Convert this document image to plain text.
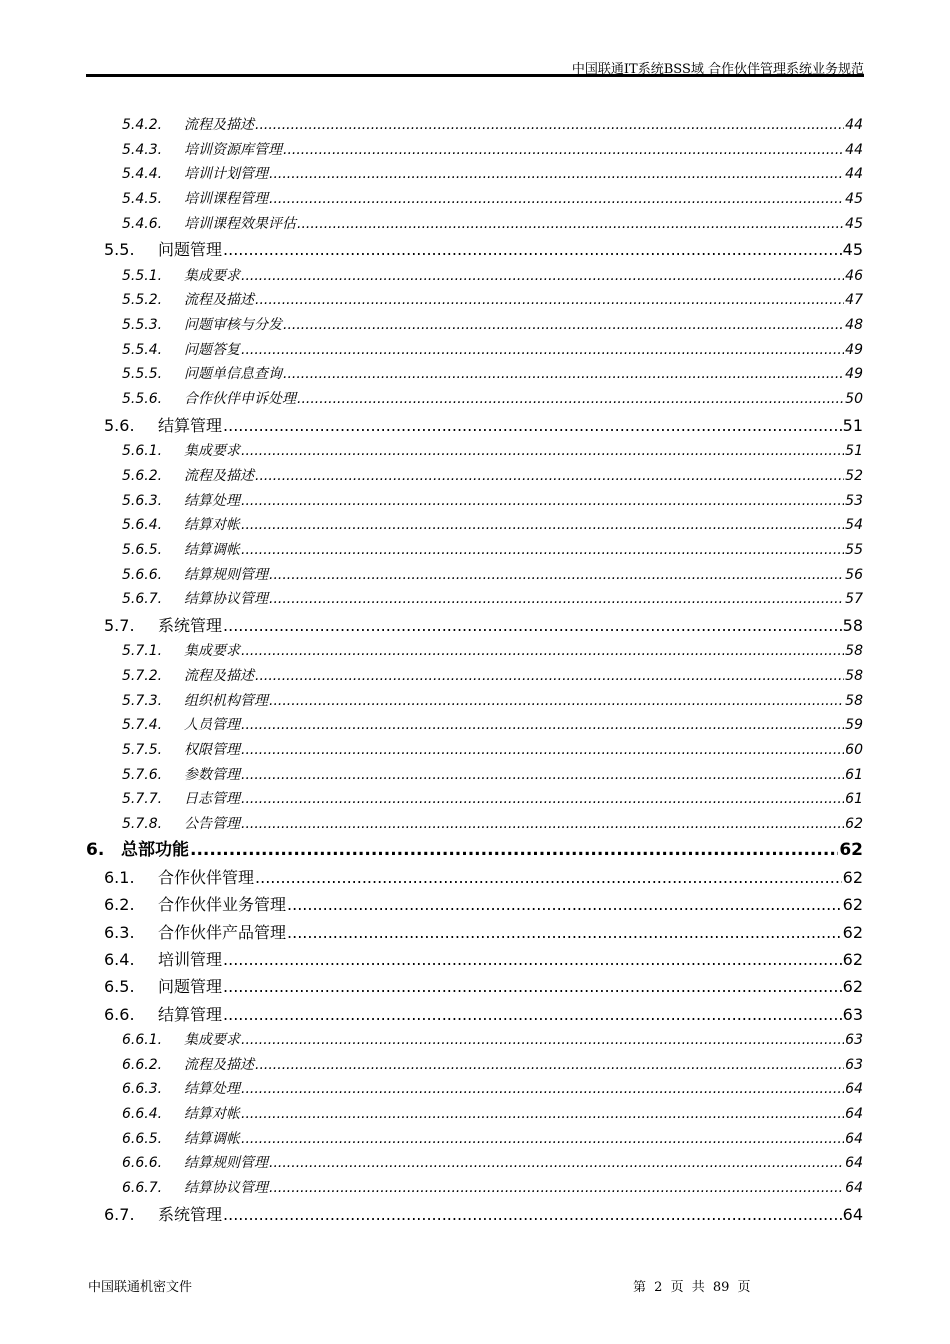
中国联通IT系统BSS域 合作伙伴管理系统业务规范
5.4.2.	流程及描述 .....	44
5.4.3.	培训资源库管理 .....	44
5.4.4.	培训计划管理 .....	44
5.4.5.	培训课程管理 .....	45
5.4.6.	培训课程效果评估 .....	45
5.5.	问题管理 .....	45
5.5.1.	集成要求 .....	46
5.5.2.	流程及描述 .....	47
5.5.3.	问题审核与分发 .....	48
5.5.4.	问题答复 .....	49
5.5.5.	问题单信息查询 .....	49
5.5.6.	合作伙伴申诉处理 .....	50
5.6.	结算管理 .....	51
5.6.1.	集成要求 .....	51
5.6.2.	流程及描述 .....	52
5.6.3.	结算处理 .....	53
5.6.4.	结算对帐 .....	54
5.6.5.	结算调帐 .....	55
5.6.6.	结算规则管理 .....	56
5.6.7.	结算协议管理 .....	57
5.7.	系统管理 .....	58
5.7.1.	集成要求 .....	58
5.7.2.	流程及描述 .....	58
5.7.3.	组织机构管理 .....	58
5.7.4.	人员管理 .....	59
5.7.5.	权限管理 .....	60
5.7.6.	参数管理 .....	61
5.7.7.	日志管理 .....	61
5.7.8.	公告管理 .....	62
6. 总部功能 .....	62
6.1.	合作伙伴管理 .....	62
6.2.	合作伙伴业务管理 .....	62
6.3.	合作伙伴产品管理 .....	62
6.4.	培训管理 .....	62
6.5.	问题管理 .....	62
6.6.	结算管理 .....	63
6.6.1.	集成要求 .....	63
6.6.2.	流程及描述 .....	63
6.6.3.	结算处理 .....	64
6.6.4.	结算对帐 .....	64
6.6.5.	结算调帐 .....	64
6.6.6.	结算规则管理 .....	64
6.6.7.	结算协议管理 .....	64
6.7.	系统管理 .....	64
中国联通机密文件	第 2 页 共 89 页
